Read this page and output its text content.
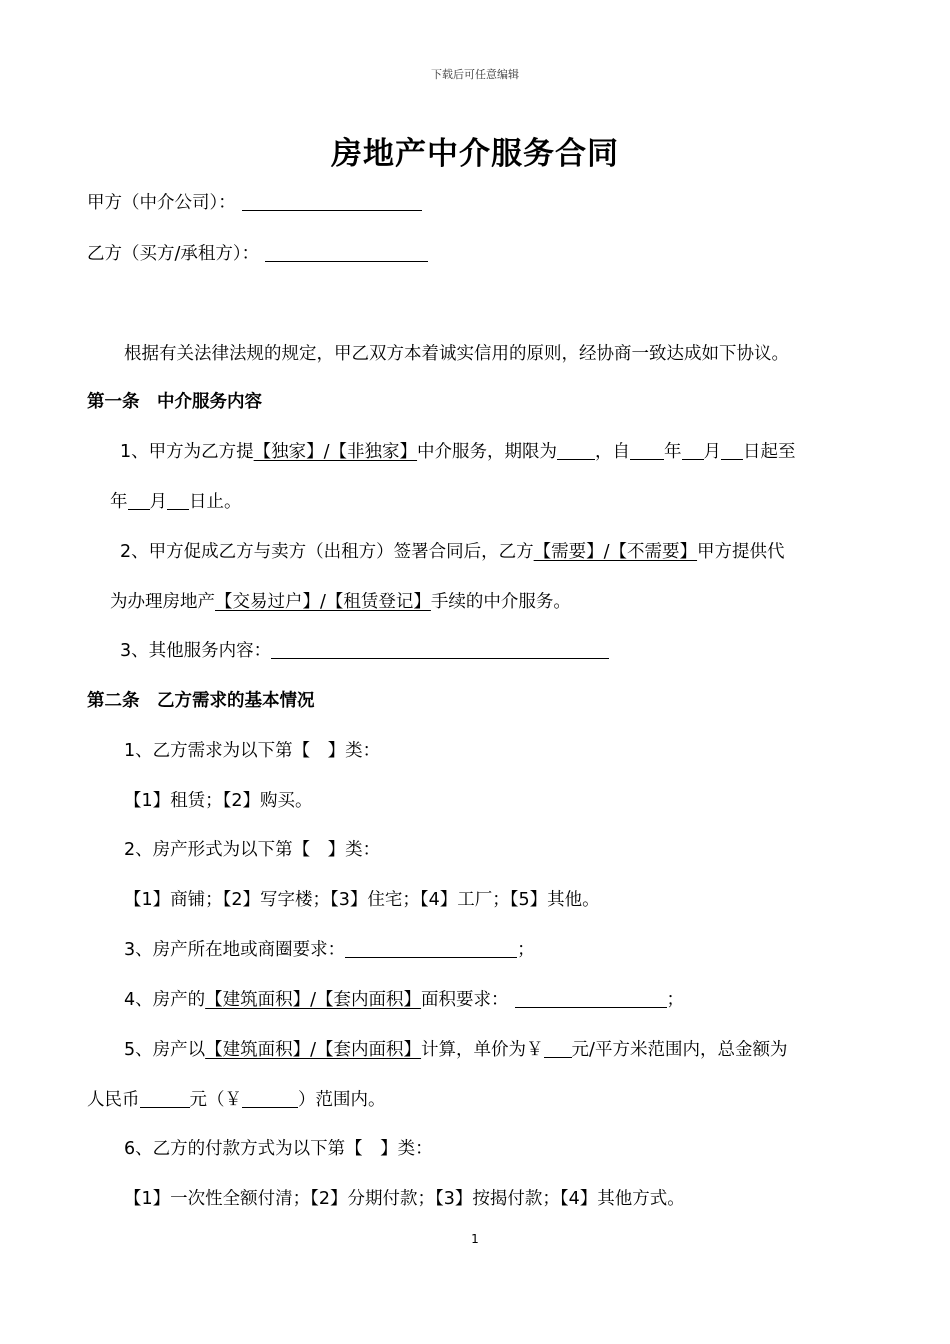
下载后可任意编辑
房地产中介服务合同
甲方（中介公司）：
乙方（买方/承租方）：
根据有关法律法规的规定，甲乙双方本着诚实信用的原则，经协商一致达成如下协议。
第一条　中介服务内容
1、甲方为乙方提【独家】/【非独家】中介服务，期限为 ，自 年 月 日起至
年 月 日止。
2、甲方促成乙方与卖方（出租方）签署合同后，乙方【需要】/【不需要】甲方提供代
为办理房地产【交易过户】/【租赁登记】手续的中介服务。
3、其他服务内容：
第二条　乙方需求的基本情况
1、乙方需求为以下第【　】类：
【1】租赁；【2】购买。
2、房产形式为以下第【　】类：
【1】商铺；【2】写字楼；【3】住宅；【4】工厂；【5】其他。
3、房产所在地或商圈要求：	；
4、房产的【建筑面积】/【套内面积】面积要求：	；
5、房产以【建筑面积】/【套内面积】计算，单价为￥ 元/平方米范围内，总金额为
人民币	元（￥	）范围内。
6、乙方的付款方式为以下第【　】类：
【1】一次性全额付清；【2】分期付款；【3】按揭付款；【4】其他方式。
1
